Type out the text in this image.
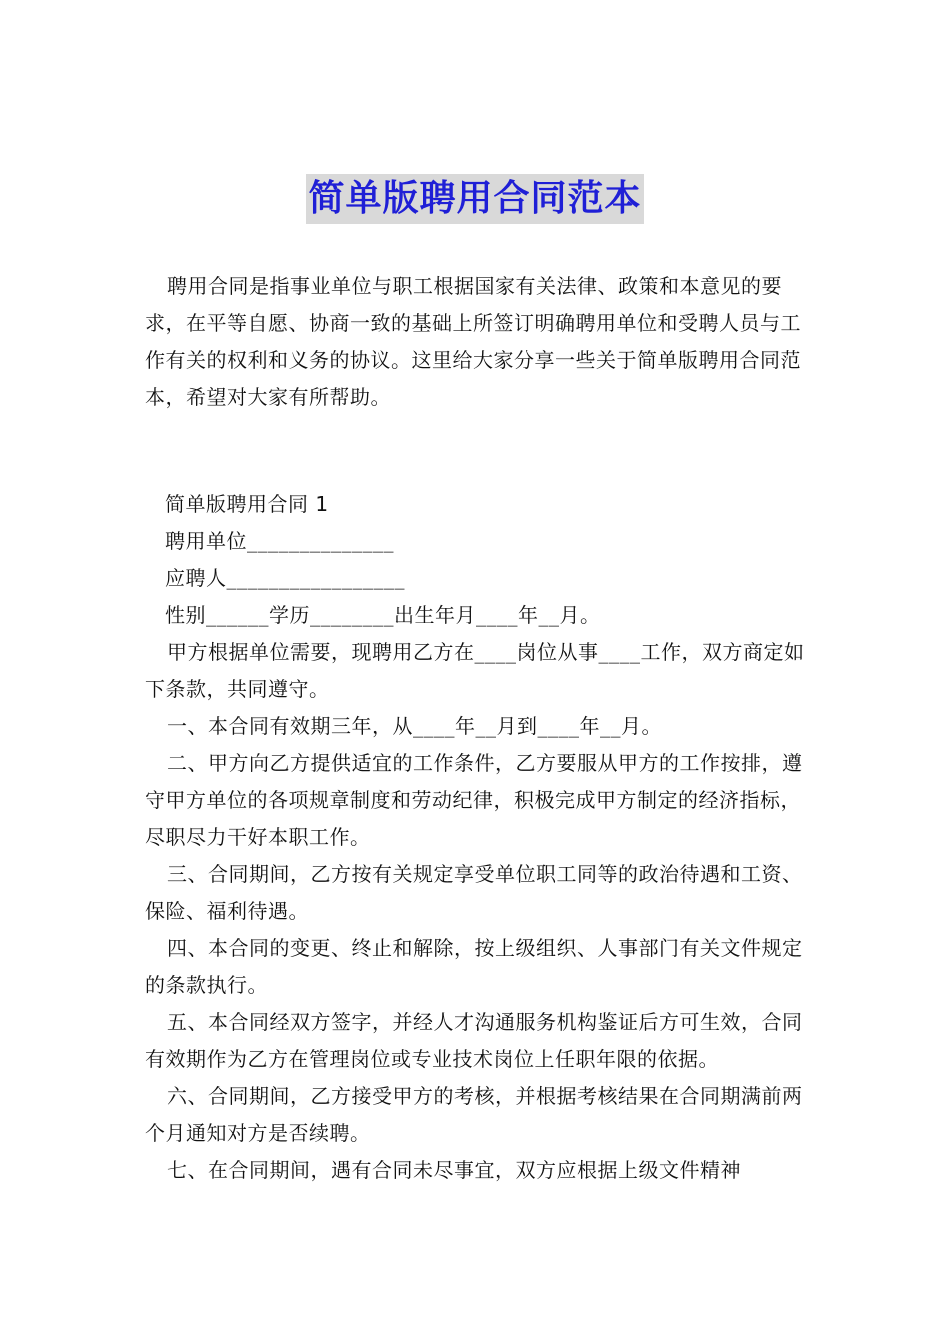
简单版聘用合同范本

聘用合同是指事业单位与职工根据国家有关法律、政策和本意见的要求，在平等自愿、协商一致的基础上所签订明确聘用单位和受聘人员与工作有关的权利和义务的协议。这里给大家分享一些关于简单版聘用合同范本，希望对大家有所帮助。

简单版聘用合同 1

聘用单位______________

应聘人_________________

性别______学历________出生年月____年__月。

甲方根据单位需要，现聘用乙方在____岗位从事____工作，双方商定如下条款，共同遵守。

一、本合同有效期三年，从____年__月到____年__月。

二、甲方向乙方提供适宜的工作条件，乙方要服从甲方的工作按排，遵守甲方单位的各项规章制度和劳动纪律，积极完成甲方制定的经济指标，尽职尽力干好本职工作。

三、合同期间，乙方按有关规定享受单位职工同等的政治待遇和工资、保险、福利待遇。

四、本合同的变更、终止和解除，按上级组织、人事部门有关文件规定的条款执行。

五、本合同经双方签字，并经人才沟通服务机构鉴证后方可生效，合同有效期作为乙方在管理岗位或专业技术岗位上任职年限的依据。

六、合同期间，乙方接受甲方的考核，并根据考核结果在合同期满前两个月通知对方是否续聘。

七、在合同期间，遇有合同未尽事宜，双方应根据上级文件精神
